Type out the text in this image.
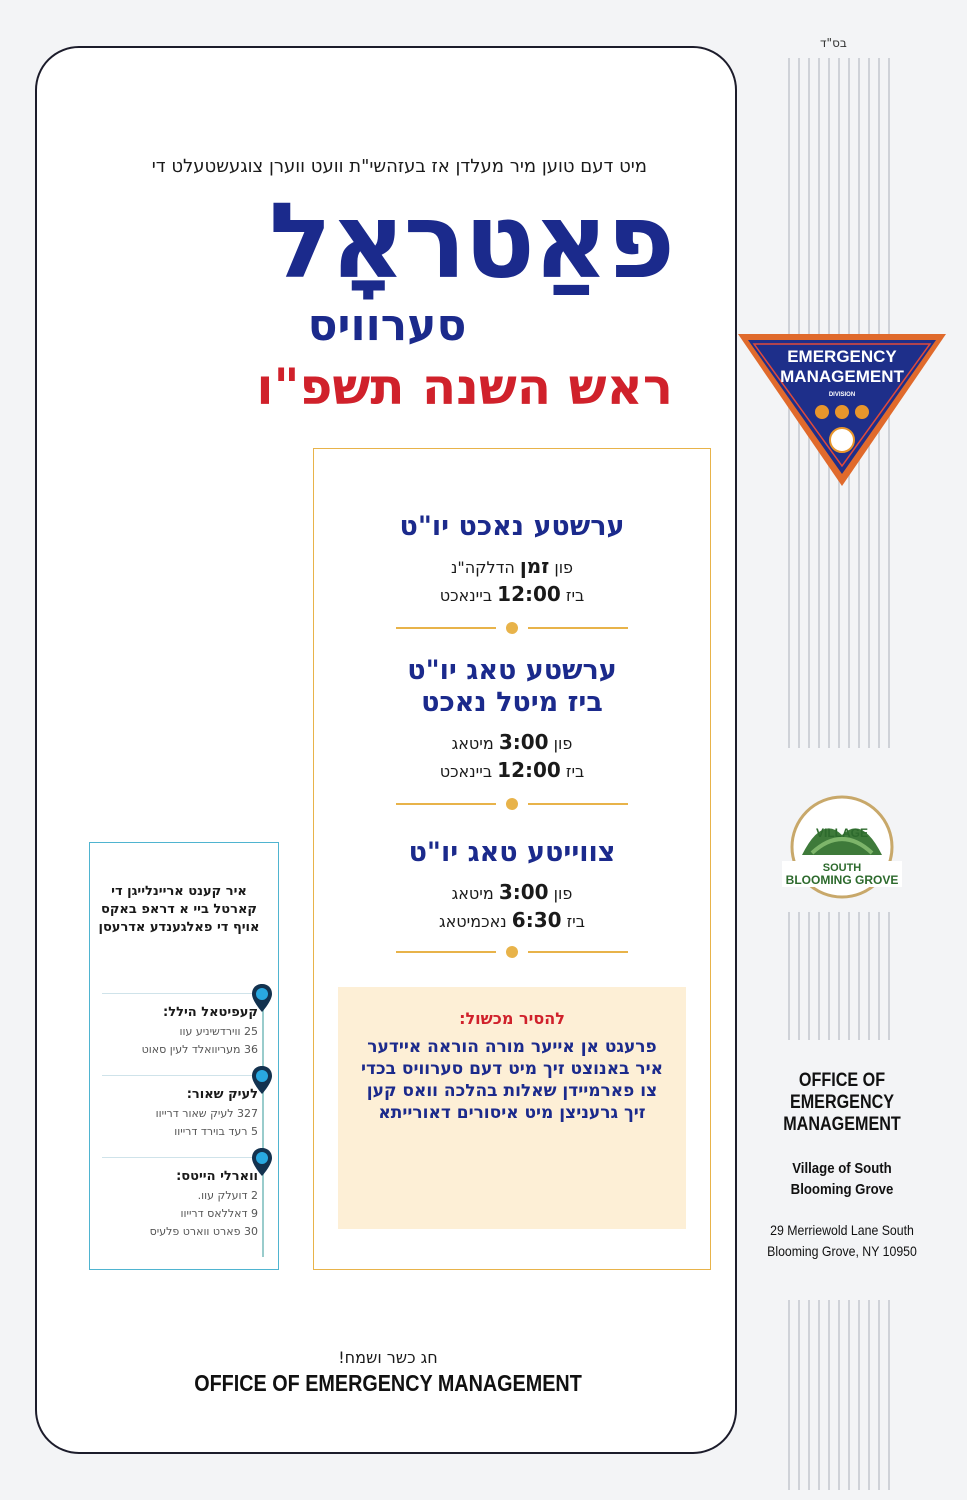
בס"ד
מיט דעם טוען מיר מעלדן אז בעזהשי"ת וועט ווערן צוגעשטעלט די
פאַטראָל
סערוויס
ראש השנה תשפ"ו
ערשטע נאכט יו"ט
פון זמן הדלקה"נ
ביז 12:00 ביינאכט
ערשטע טאג יו"ט
ביז מיטל נאכט
פון 3:00 מיטאג
ביז 12:00 ביינאכט
צווייטע טאג יו"ט
פון 3:00 מיטאג
ביז 6:30 נאכמיטאג
להסיר מכשול:
פרעגט אן אייער מורה הוראה איידער איר באנוצט זיך מיט דעם סערוויס בכדי צו פארמיידן שאלות בהלכה וואס קען זיך גרעניצן מיט איסורים דאורייתא
איר קענט אריינלייגן די קארטל ביי א דראפ באקס אויף די פאלגענדע אדרעסן
קעפיטאל הילל:
25 ווירדשיניע עוו
36 מעריוואלד לעין סאוט
לעיק שאור:
327 לעיק שאור דרייוו
5 רעד בוירד דרייוו
ווארלי הייטס:
2 דועלק עוו.
9 דאללאס דרייוו
30 פארט ווארט פלעיס
חג כשר ושמח!
OFFICE OF EMERGENCY MANAGEMENT
EMERGENCY
MANAGEMENT
DIVISION
VILLAGE
SOUTH
BLOOMING GROVE
OFFICE OF
EMERGENCY
MANAGEMENT
Village of South
Blooming Grove
29 Merriewold Lane South
Blooming Grove, NY 10950
